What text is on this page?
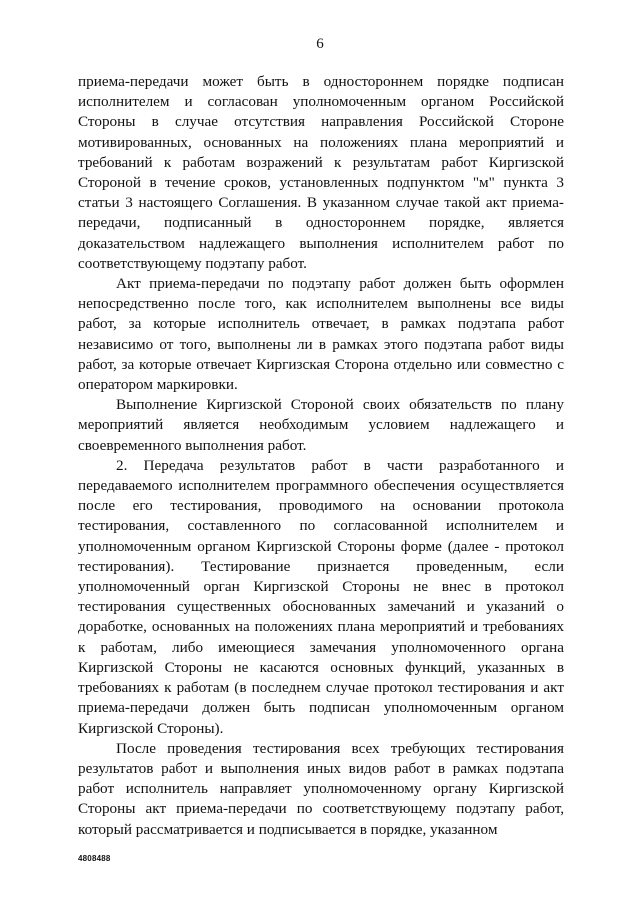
6

приема-передачи может быть в одностороннем порядке подписан исполнителем и согласован уполномоченным органом Российской Стороны в случае отсутствия направления Российской Стороне мотивированных, основанных на положениях плана мероприятий и требований к работам возражений к результатам работ Киргизской Стороной в течение сроков, установленных подпунктом "м" пункта 3 статьи 3 настоящего Соглашения. В указанном случае такой акт приема-передачи, подписанный в одностороннем порядке, является доказательством надлежащего выполнения исполнителем работ по соответствующему подэтапу работ.

Акт приема-передачи по подэтапу работ должен быть оформлен непосредственно после того, как исполнителем выполнены все виды работ, за которые исполнитель отвечает, в рамках подэтапа работ независимо от того, выполнены ли в рамках этого подэтапа работ виды работ, за которые отвечает Киргизская Сторона отдельно или совместно с оператором маркировки.

Выполнение Киргизской Стороной своих обязательств по плану мероприятий является необходимым условием надлежащего и своевременного выполнения работ.

2. Передача результатов работ в части разработанного и передаваемого исполнителем программного обеспечения осуществляется после его тестирования, проводимого на основании протокола тестирования, составленного по согласованной исполнителем и уполномоченным органом Киргизской Стороны форме (далее - протокол тестирования). Тестирование признается проведенным, если уполномоченный орган Киргизской Стороны не внес в протокол тестирования существенных обоснованных замечаний и указаний о доработке, основанных на положениях плана мероприятий и требованиях к работам, либо имеющиеся замечания уполномоченного органа Киргизской Стороны не касаются основных функций, указанных в требованиях к работам (в последнем случае протокол тестирования и акт приема-передачи должен быть подписан уполномоченным органом Киргизской Стороны).

После проведения тестирования всех требующих тестирования результатов работ и выполнения иных видов работ в рамках подэтапа работ исполнитель направляет уполномоченному органу Киргизской Стороны акт приема-передачи по соответствующему подэтапу работ, который рассматривается и подписывается в порядке, указанном

4808488
